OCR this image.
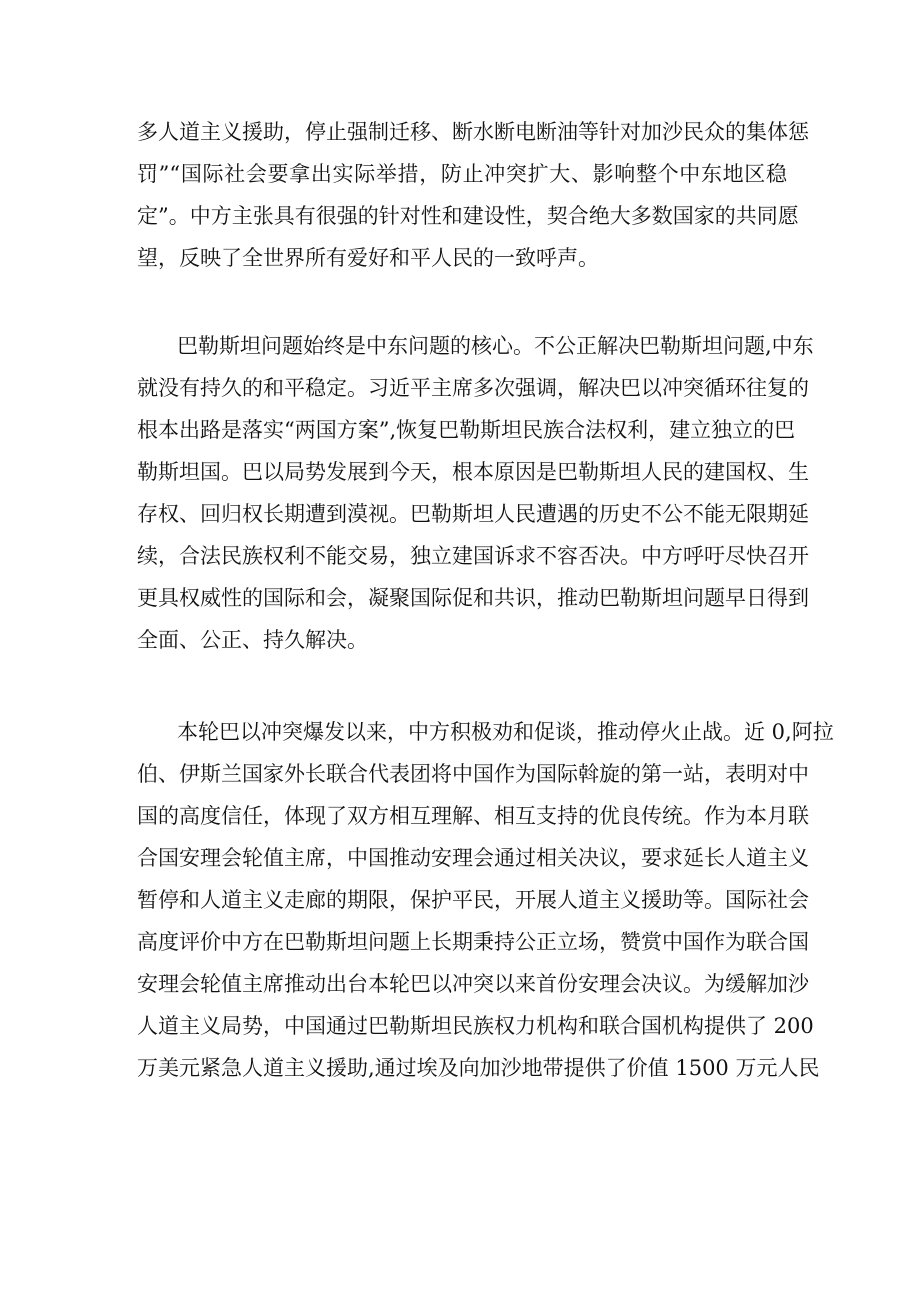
多人道主义援助，停止强制迁移、断水断电断油等针对加沙民众的集体惩
罚”“国际社会要拿出实际举措，防止冲突扩大、影响整个中东地区稳
定”。中方主张具有很强的针对性和建设性，契合绝大多数国家的共同愿
望，反映了全世界所有爱好和平人民的一致呼声。
巴勒斯坦问题始终是中东问题的核心。不公正解决巴勒斯坦问题,中东
就没有持久的和平稳定。习近平主席多次强调，解决巴以冲突循环往复的
根本出路是落实“两国方案”,恢复巴勒斯坦民族合法权利，建立独立的巴
勒斯坦国。巴以局势发展到今天，根本原因是巴勒斯坦人民的建国权、生
存权、回归权长期遭到漠视。巴勒斯坦人民遭遇的历史不公不能无限期延
续，合法民族权利不能交易，独立建国诉求不容否决。中方呼吁尽快召开
更具权威性的国际和会，凝聚国际促和共识，推动巴勒斯坦问题早日得到
全面、公正、持久解决。
本轮巴以冲突爆发以来，中方积极劝和促谈，推动停火止战。近 0,阿拉
伯、伊斯兰国家外长联合代表团将中国作为国际斡旋的第一站，表明对中
国的高度信任，体现了双方相互理解、相互支持的优良传统。作为本月联
合国安理会轮值主席，中国推动安理会通过相关决议，要求延长人道主义
暂停和人道主义走廊的期限，保护平民，开展人道主义援助等。国际社会
高度评价中方在巴勒斯坦问题上长期秉持公正立场，赞赏中国作为联合国
安理会轮值主席推动出台本轮巴以冲突以来首份安理会决议。为缓解加沙
人道主义局势，中国通过巴勒斯坦民族权力机构和联合国机构提供了 200
万美元紧急人道主义援助,通过埃及向加沙地带提供了价值 1500 万元人民
